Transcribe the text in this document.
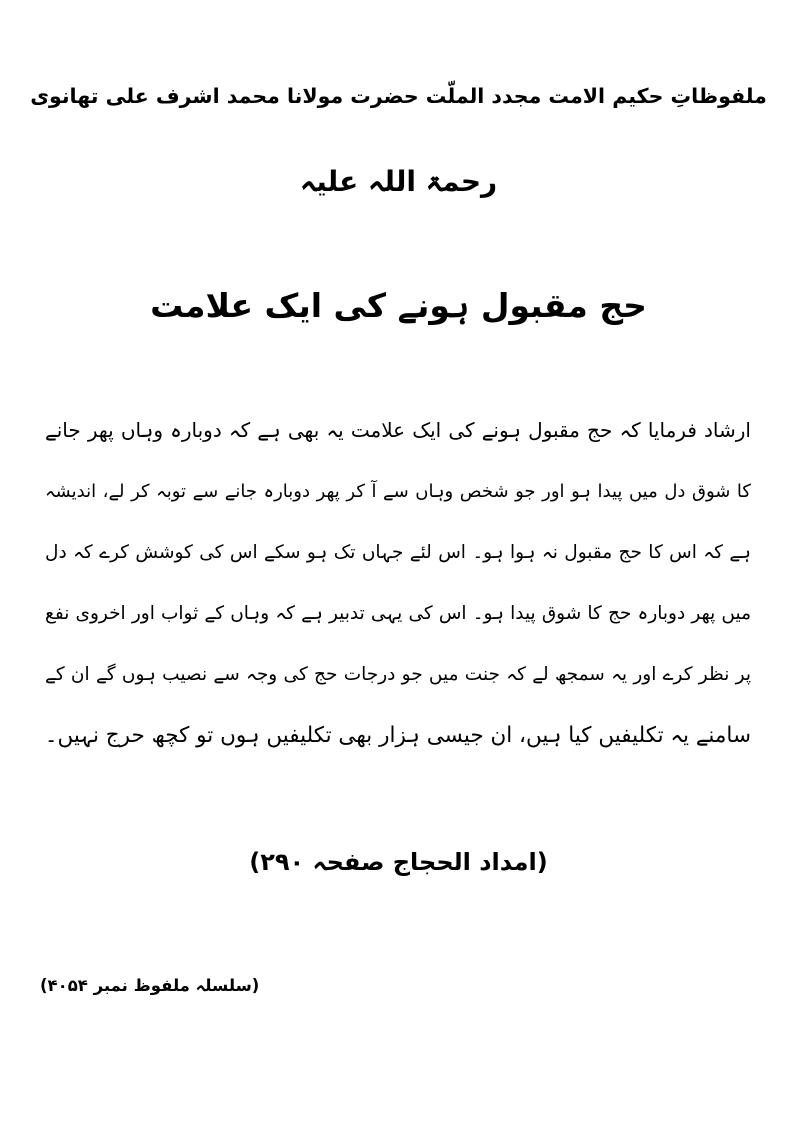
ملفوظاتِ حکیم الامت مجدد الملّت حضرت مولانا محمد اشرف علی تھانوی
رحمۃ اللہ علیہ
حج مقبول ہونے کی ایک علامت
ارشاد فرمایا کہ حج مقبول ہونے کی ایک علامت یہ بھی ہے کہ دوبارہ وہاں پھر جانے
کا شوق دل میں پیدا ہو اور جو شخص وہاں سے آ کر پھر دوبارہ جانے سے توبہ کر لے، اندیشہ
ہے کہ اس کا حج مقبول نہ ہوا ہو۔ اس لئے جہاں تک ہو سکے اس کی کوشش کرے کہ دل
میں پھر دوبارہ حج کا شوق پیدا ہو۔ اس کی یہی تدبیر ہے کہ وہاں کے ثواب اور اخروی نفع
پر نظر کرے اور یہ سمجھ لے کہ جنت میں جو درجات حج کی وجہ سے نصیب ہوں گے ان کے
سامنے یہ تکلیفیں کیا ہیں، ان جیسی ہزار بھی تکلیفیں ہوں تو کچھ حرج نہیں۔
(امداد الحجاج صفحہ ۲۹۰)
(سلسلہ ملفوظ نمبر ۴۰۵۴)
